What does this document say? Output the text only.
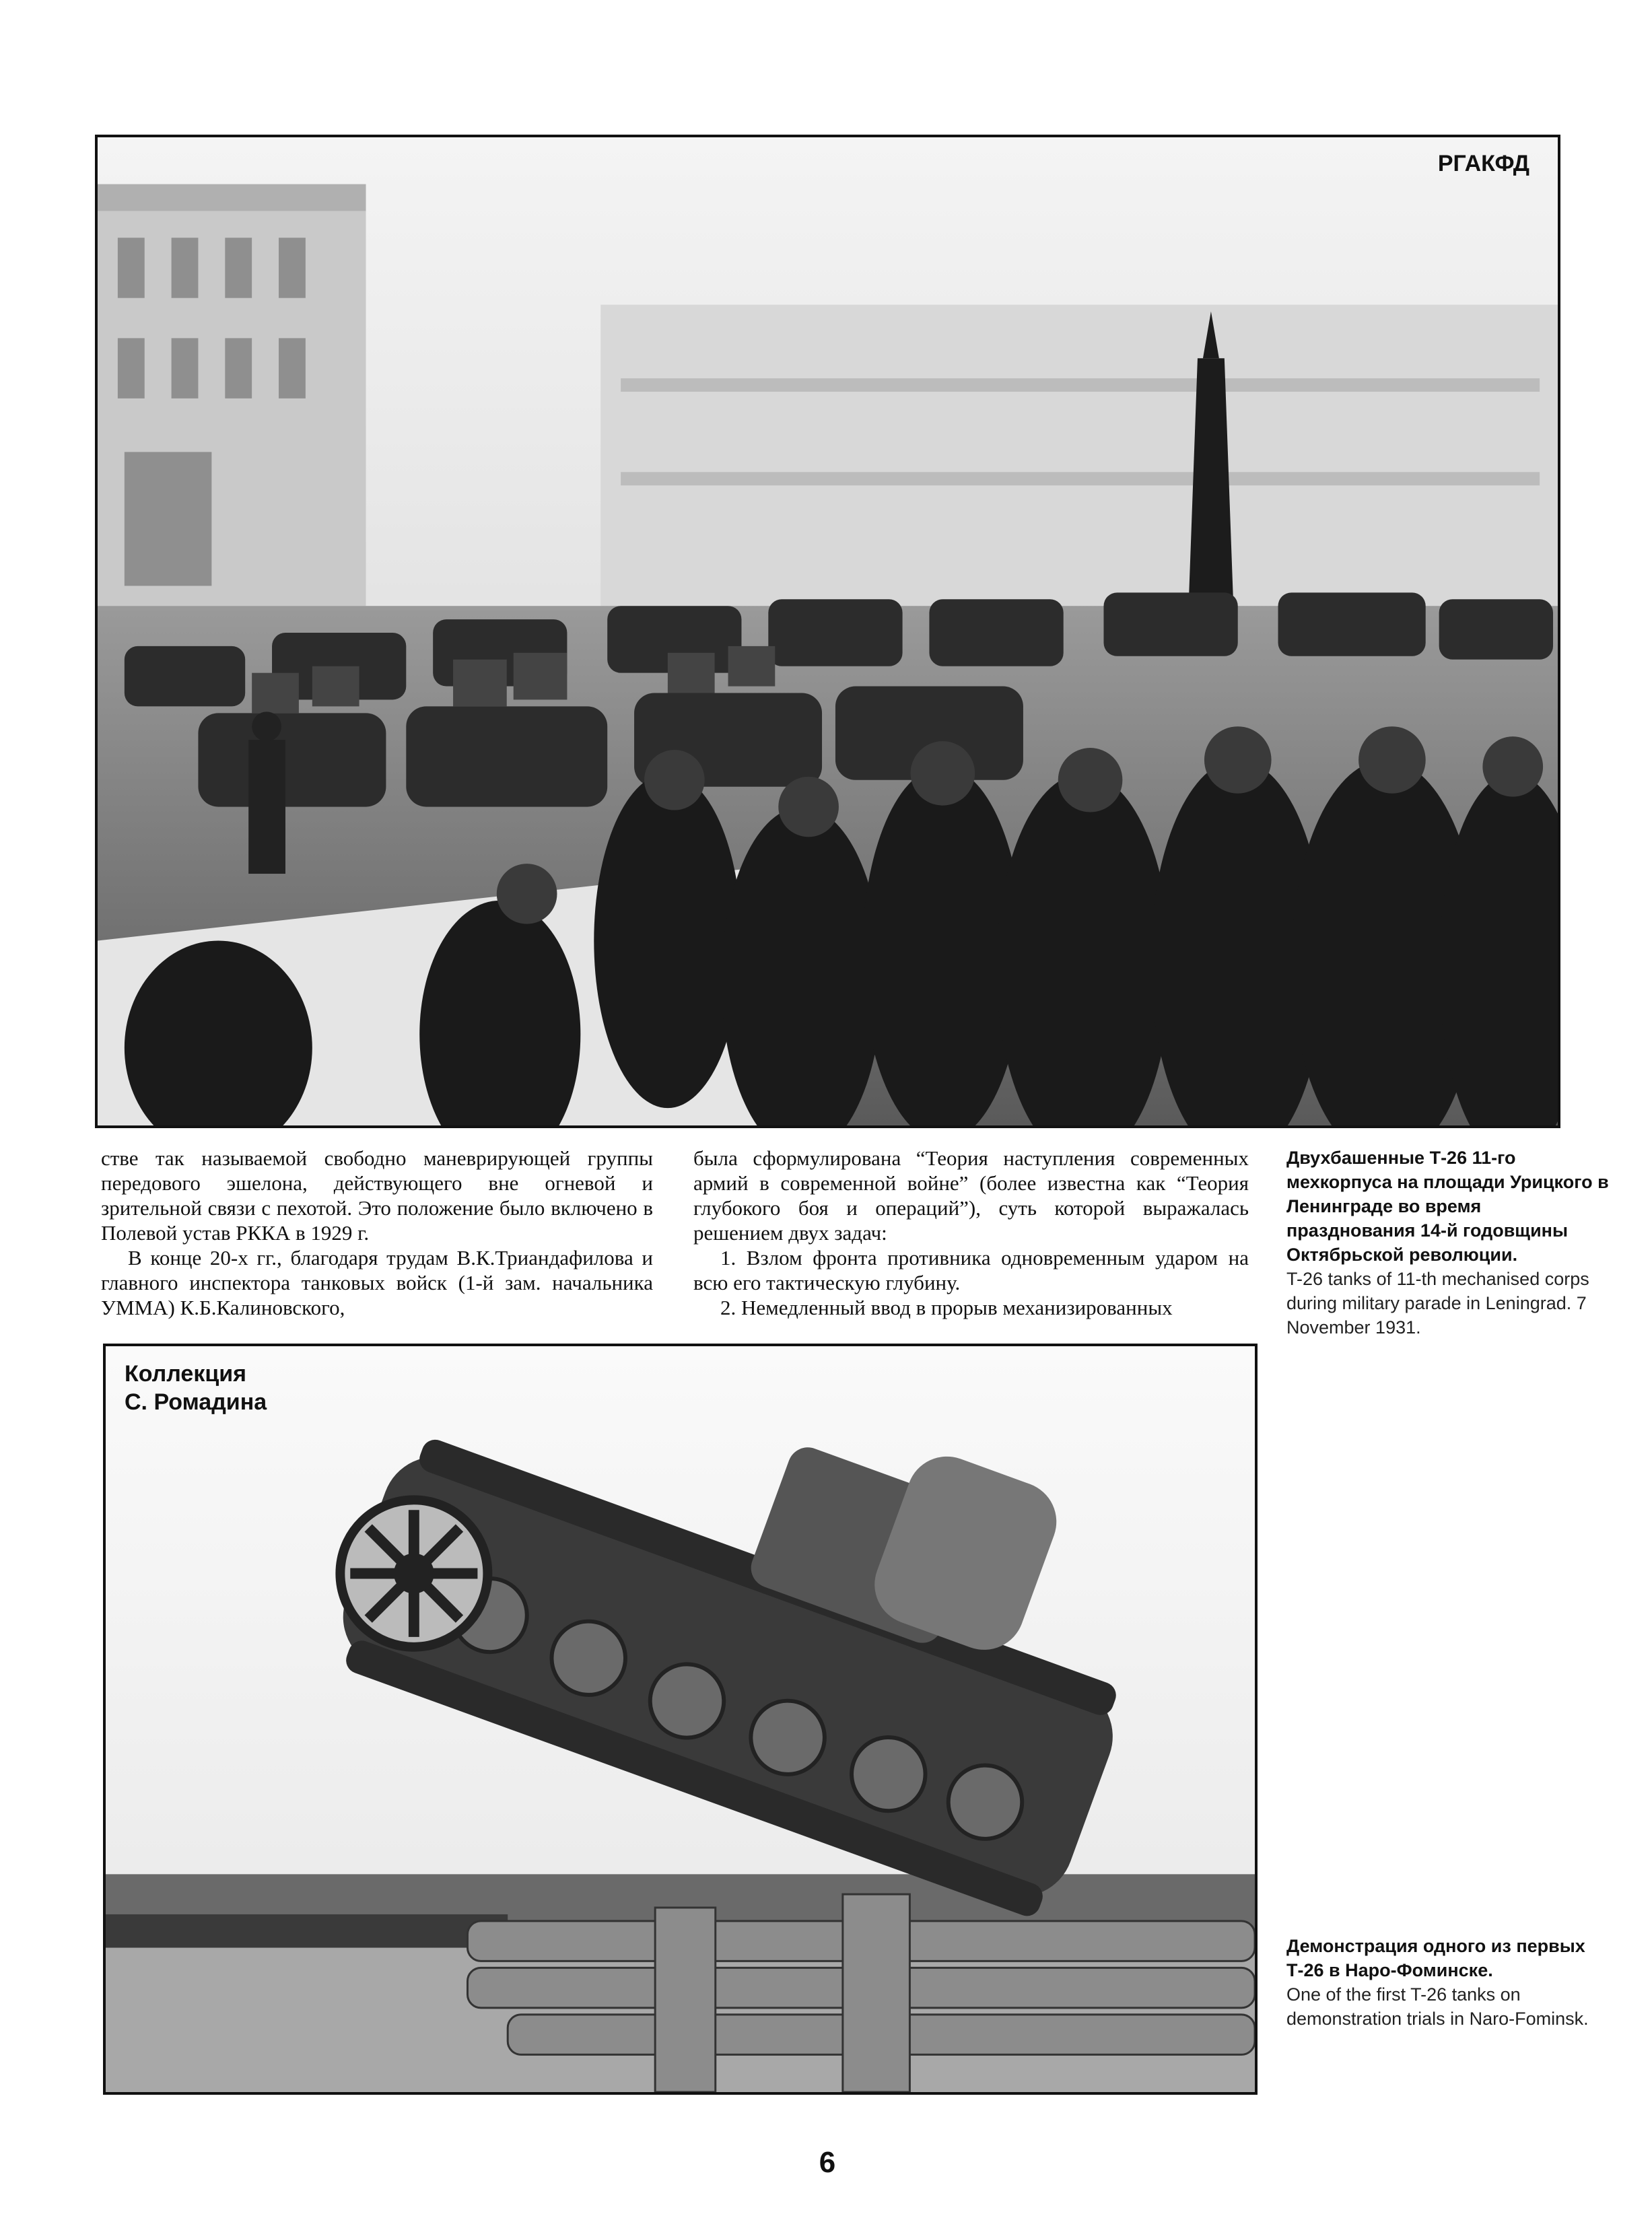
РГАКФД

стве так называемой свободно маневрирующей группы передового эшелона, действующего вне огневой и зрительной связи с пехотой. Это положение было включено в Полевой устав РККА в 1929 г.

В конце 20-х гг., благодаря трудам В.К.Триандафилова и главного инспектора танковых войск (1-й зам. начальника УММА) К.Б.Калиновского,

была сформулирована “Теория наступления современных армий в современной войне” (более известна как “Теория глубокого боя и операций”), суть которой выражалась решением двух задач:

1. Взлом фронта противника одновременным ударом на всю его тактическую глубину.

2. Немедленный ввод в прорыв механизированных

Двухбашенные Т-26 11-го мехкорпуса на площади Урицкого в Ленинграде во время празднования 14-й годовщины Октябрьской революции.
T-26 tanks of 11-th mechanised corps during military parade in Leningrad. 7 November 1931.
Коллекция
С. Ромадина
Демонстрация одного из первых Т-26 в Наро-Фоминске.
One of the first T-26 tanks on demonstration trials in Naro-Fominsk.
6
